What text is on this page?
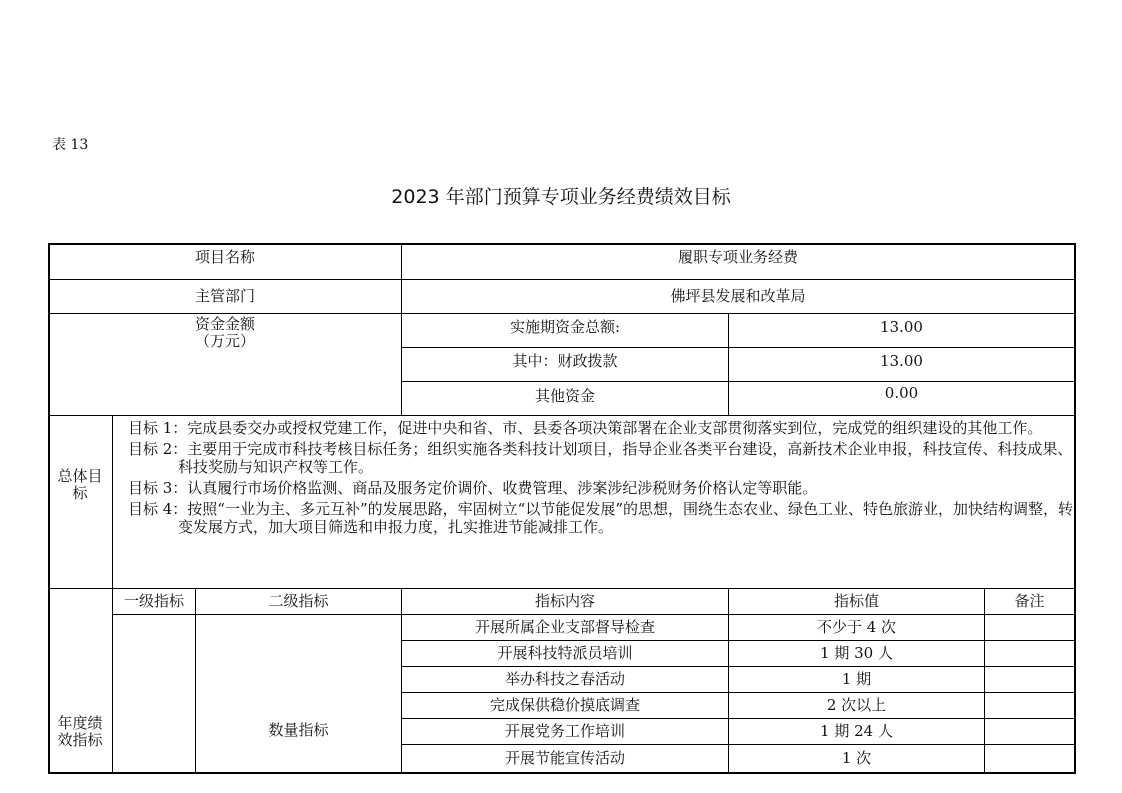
表 13
2023 年部门预算专项业务经费绩效目标
项目名称	履职专项业务经费
主管部门	佛坪县发展和改革局
资金金额
（万元）
实施期资金总额:	13.00
其中：财政拨款	13.00
其他资金	0.00
总体目标
目标 1：完成县委交办或授权党建工作，促进中央和省、市、县委各项决策部署在企业支部贯彻落实到位，完成党的组织建设的其他工作。
目标 2：主要用于完成市科技考核目标任务；组织实施各类科技计划项目，指导企业各类平台建设，高新技术企业申报，科技宣传、科技成果、科技奖励与知识产权等工作。
目标 3：认真履行市场价格监测、商品及服务定价调价、收费管理、涉案涉纪涉税财务价格认定等职能。
目标 4：按照“一业为主、多元互补”的发展思路，牢固树立“以节能促发展”的思想，围绕生态农业、绿色工业、特色旅游业，加快结构调整，转变发展方式，加大项目筛选和申报力度，扎实推进节能减排工作。
年度绩效指标
一级指标	二级指标	指标内容	指标值	备注
数量指标
开展所属企业支部督导检查	不少于 4 次
开展科技特派员培训	1 期 30 人
举办科技之春活动	1 期
完成保供稳价摸底调查	2 次以上
开展党务工作培训	1 期 24 人
开展节能宣传活动	1 次
